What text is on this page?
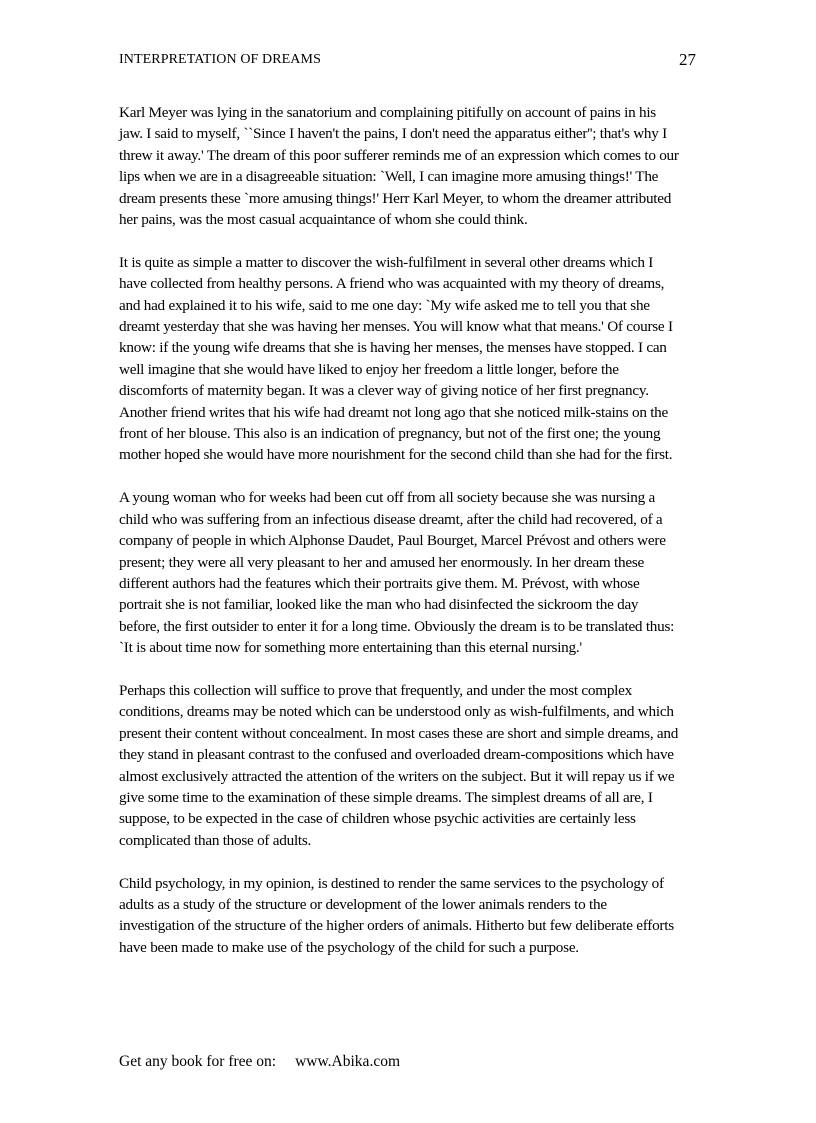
INTERPRETATION OF DREAMS	27

Karl Meyer was lying in the sanatorium and complaining pitifully on account of pains in his jaw. I said to myself, ``Since I haven't the pains, I don't need the apparatus either''; that's why I threw it away.' The dream of this poor sufferer reminds me of an expression which comes to our lips when we are in a disagreeable situation: `Well, I can imagine more amusing things!' The dream presents these `more amusing things!' Herr Karl Meyer, to whom the dreamer attributed her pains, was the most casual acquaintance of whom she could think.

It is quite as simple a matter to discover the wish-fulfilment in several other dreams which I have collected from healthy persons. A friend who was acquainted with my theory of dreams, and had explained it to his wife, said to me one day: `My wife asked me to tell you that she dreamt yesterday that she was having her menses. You will know what that means.' Of course I know: if the young wife dreams that she is having her menses, the menses have stopped. I can well imagine that she would have liked to enjoy her freedom a little longer, before the discomforts of maternity began. It was a clever way of giving notice of her first pregnancy. Another friend writes that his wife had dreamt not long ago that she noticed milk-stains on the front of her blouse. This also is an indication of pregnancy, but not of the first one; the young mother hoped she would have more nourishment for the second child than she had for the first.

A young woman who for weeks had been cut off from all society because she was nursing a child who was suffering from an infectious disease dreamt, after the child had recovered, of a company of people in which Alphonse Daudet, Paul Bourget, Marcel Prévost and others were present; they were all very pleasant to her and amused her enormously. In her dream these different authors had the features which their portraits give them. M. Prévost, with whose portrait she is not familiar, looked like the man who had disinfected the sickroom the day before, the first outsider to enter it for a long time. Obviously the dream is to be translated thus: `It is about time now for something more entertaining than this eternal nursing.'

Perhaps this collection will suffice to prove that frequently, and under the most complex conditions, dreams may be noted which can be understood only as wish-fulfilments, and which present their content without concealment. In most cases these are short and simple dreams, and they stand in pleasant contrast to the confused and overloaded dream-compositions which have almost exclusively attracted the attention of the writers on the subject. But it will repay us if we give some time to the examination of these simple dreams. The simplest dreams of all are, I suppose, to be expected in the case of children whose psychic activities are certainly less complicated than those of adults.

Child psychology, in my opinion, is destined to render the same services to the psychology of adults as a study of the structure or development of the lower animals renders to the investigation of the structure of the higher orders of animals. Hitherto but few deliberate efforts have been made to make use of the psychology of the child for such a purpose.

Get any book for free on: www.Abika.com
